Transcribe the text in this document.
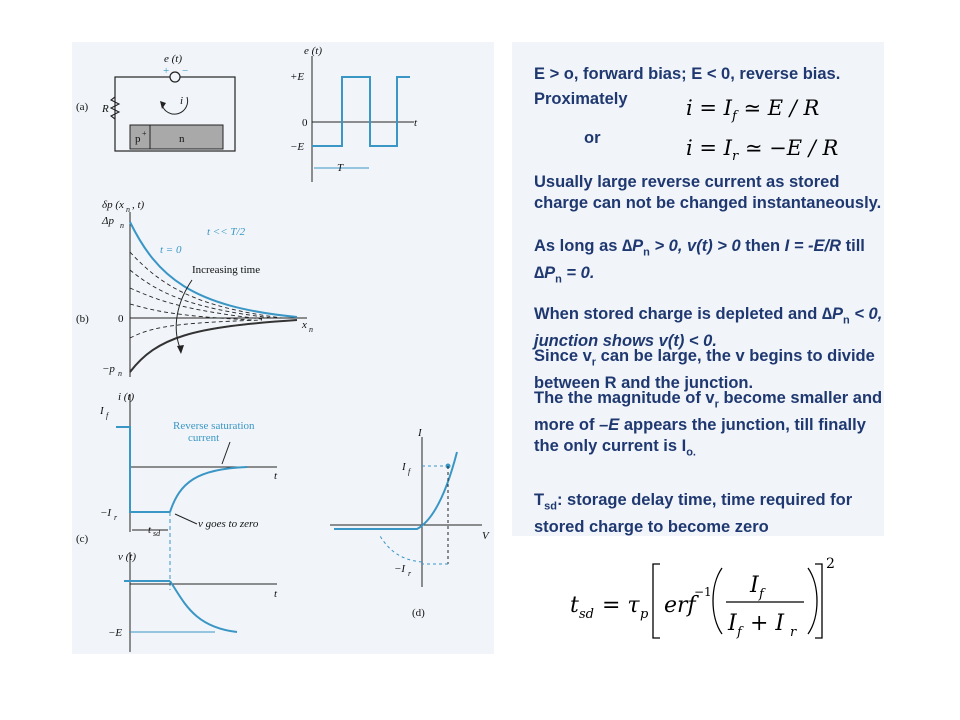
e (t)
+ −
R
i
p +	n
(a)
e (t)
+E
0
−E
t
T
δp (x n , t)
Δp n
0
−p n
t << T/2
t = 0
Increasing time
x n
(b)
i (t)
I f
Reverse saturation
current
t
−I r
t sd
v goes to zero
(c)
v (t)
t
−E
I
I f
V
−I r
(d)
E > o, forward bias; E < 0, reverse bias.
Proximately
or
Usually large reverse current as stored charge can not be changed instantaneously.
As long as $\Delta P_n > 0$, v(t) > 0 then I = -E/R till $\Delta P_n = 0$.
When stored charge is depleted and $\Delta P_n < 0$, junction shows v(t) < 0.
Since $v_r$ can be large, the v begins to divide between R and the junction.
The the magnitude of $v_r$ become smaller and more of –E appears the junction, till finally the only current is $I_{o.}$
$T_{sd}$: storage delay time, time required for stored charge to become zero
$i = I_f$ ≃ E / R
$i = I_r$ ≃ −E / R
t sd = τ p erf
−1 I f
I f + I r
2
